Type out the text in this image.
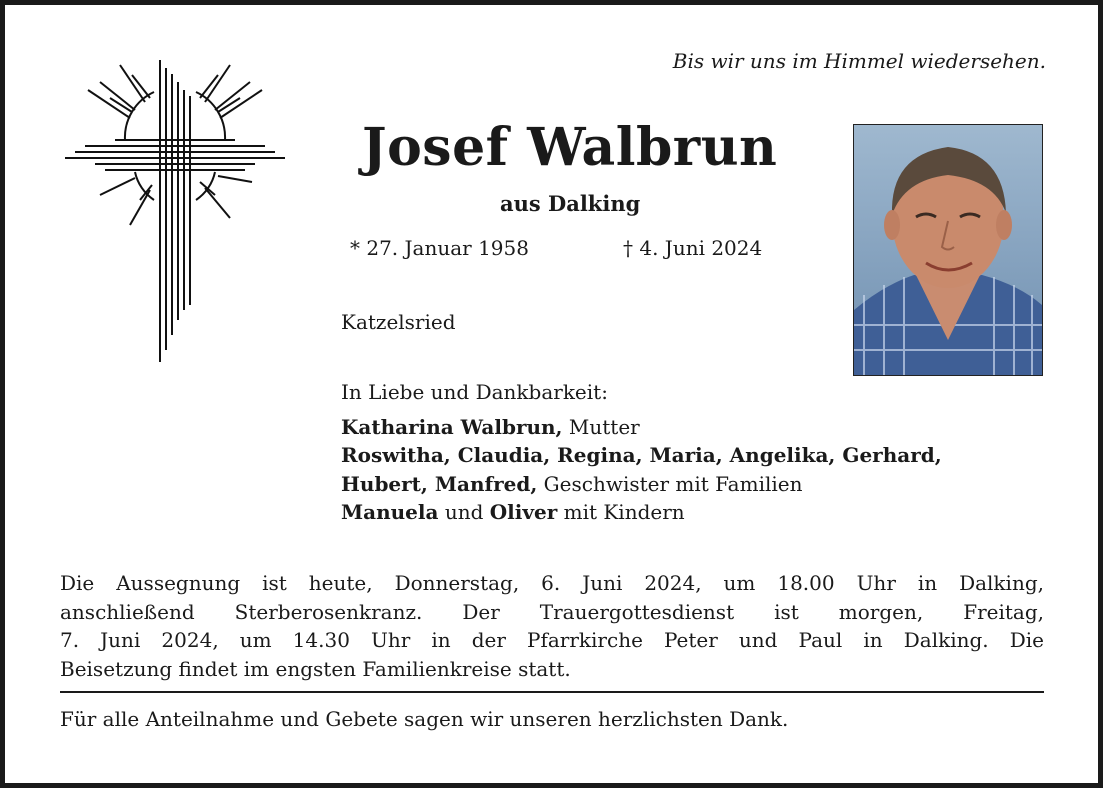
Bis wir uns im Himmel wiedersehen.
Josef Walbrun
aus Dalking
* 27. Januar 1958	† 4. Juni 2024
Katzelsried
In Liebe und Dankbarkeit:
Katharina Walbrun, Mutter
Roswitha, Claudia, Regina, Maria, Angelika, Gerhard,
Hubert, Manfred, Geschwister mit Familien
Manuela und Oliver mit Kindern
Die Aussegnung ist heute, Donnerstag, 6. Juni 2024, um 18.00 Uhr in Dalking,
anschließend Sterberosenkranz. Der Trauergottesdienst ist morgen, Freitag,
7. Juni 2024, um 14.30 Uhr in der Pfarrkirche Peter und Paul in Dalking. Die
Beisetzung findet im engsten Familienkreise statt.
Für alle Anteilnahme und Gebete sagen wir unseren herzlichsten Dank.
